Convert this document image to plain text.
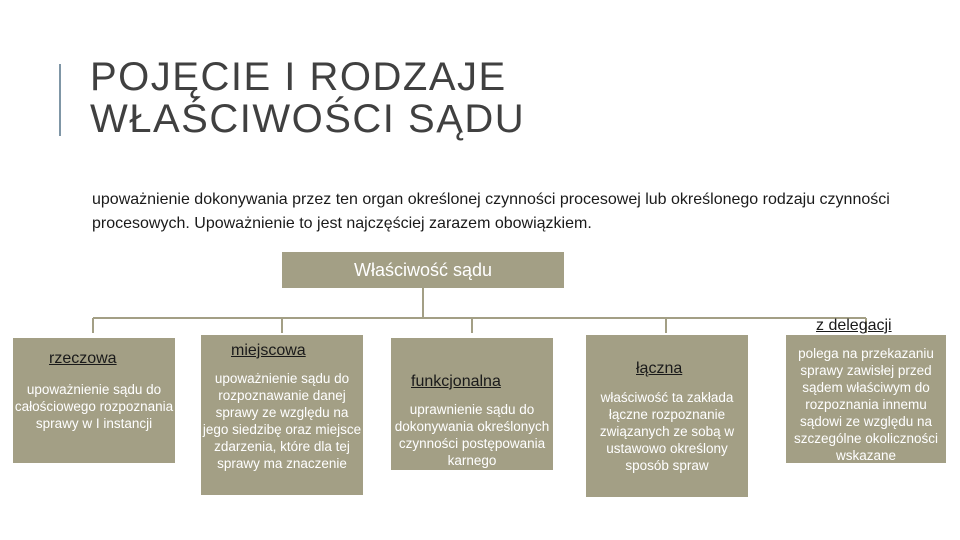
POJĘCIE I RODZAJE
WŁAŚCIWOŚCI SĄDU

upoważnienie dokonywania przez ten organ określonej czynności procesowej lub określonego rodzaju czynności procesowych. Upoważnienie to jest najczęściej zarazem obowiązkiem.

Właściwość sądu
upoważnienie sądu do całościowego rozpoznania sprawy w I instancji
rzeczowa
upoważnienie sądu do rozpoznawanie danej sprawy ze względu na jego siedzibę oraz miejsce zdarzenia, które dla tej sprawy ma znaczenie
miejscowa
uprawnienie sądu do dokonywania określonych czynności postępowania karnego
funkcjonalna
właściwość ta zakłada łączne rozpoznanie związanych ze sobą w ustawowo określony sposób spraw
łączna
polega na przekazaniu sprawy zawisłej przed sądem właściwym do rozpoznania innemu sądowi ze względu na szczególne okoliczności wskazane
z delegacji
